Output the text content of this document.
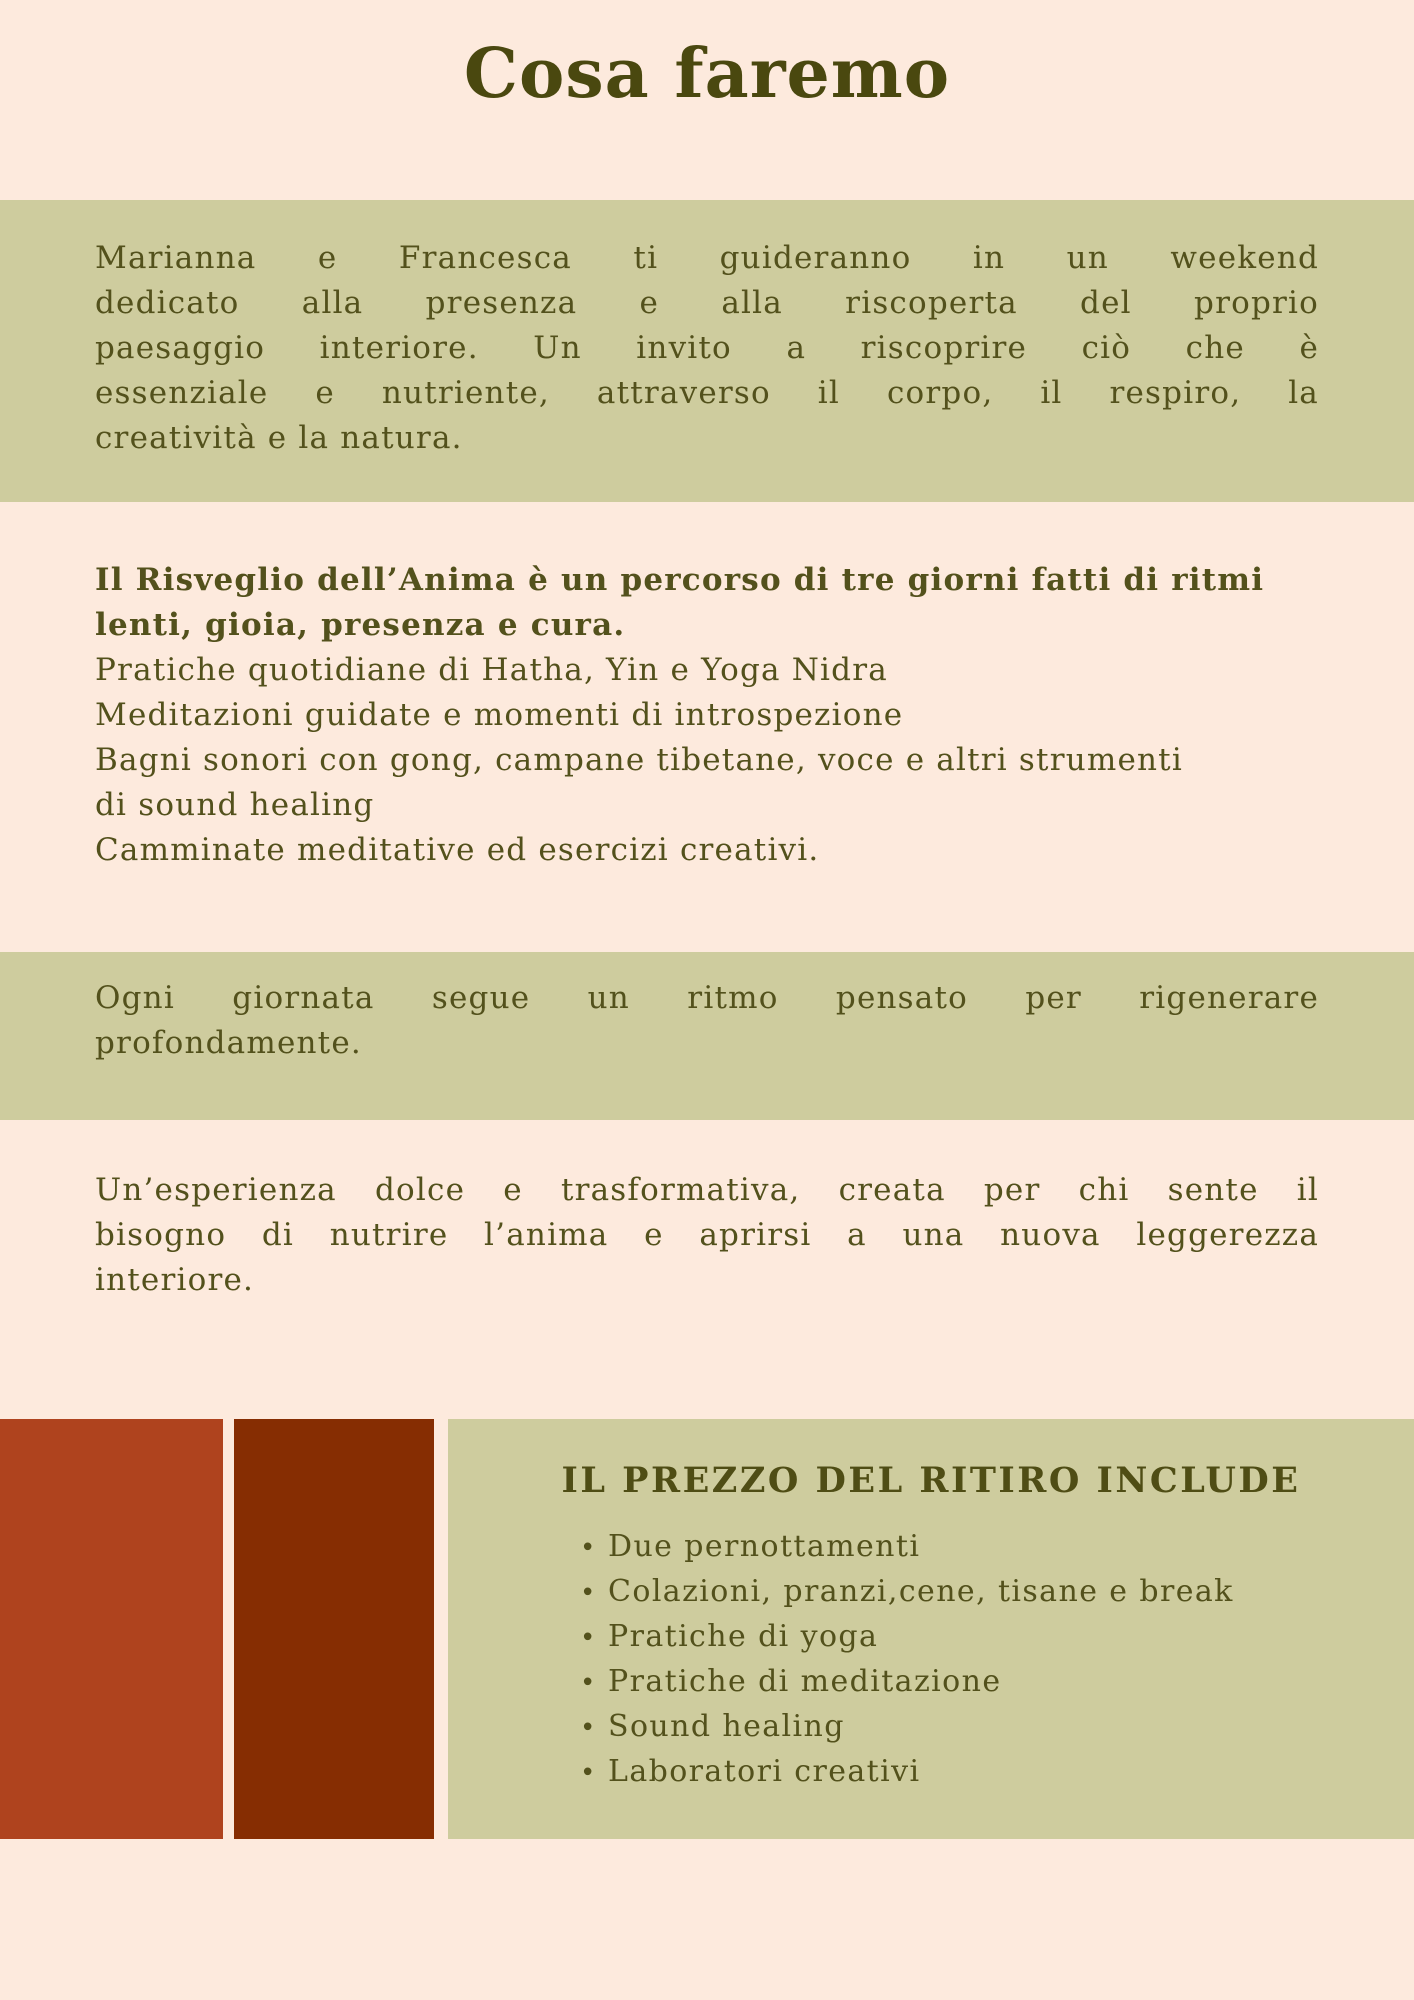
Cosa faremo
Marianna e Francesca ti guideranno in un weekend
dedicato alla presenza e alla riscoperta del proprio
paesaggio interiore. Un invito a riscoprire ciò che è
essenziale e nutriente, attraverso il corpo, il respiro, la
creatività e la natura.
Il Risveglio dell’Anima è un percorso di tre giorni fatti di ritmi
lenti, gioia, presenza e cura.
Pratiche quotidiane di Hatha, Yin e Yoga Nidra
Meditazioni guidate e momenti di introspezione
Bagni sonori con gong, campane tibetane, voce e altri strumenti
di sound healing
Camminate meditative ed esercizi creativi.
Ogni giornata segue un ritmo pensato per rigenerare
profondamente.
Un’esperienza dolce e trasformativa, creata per chi sente il
bisogno di nutrire l’anima e aprirsi a una nuova leggerezza
interiore.
IL PREZZO DEL RITIRO INCLUDE
• Due pernottamenti
• Colazioni, pranzi,cene, tisane e break
• Pratiche di yoga
• Pratiche di meditazione
• Sound healing
• Laboratori creativi
